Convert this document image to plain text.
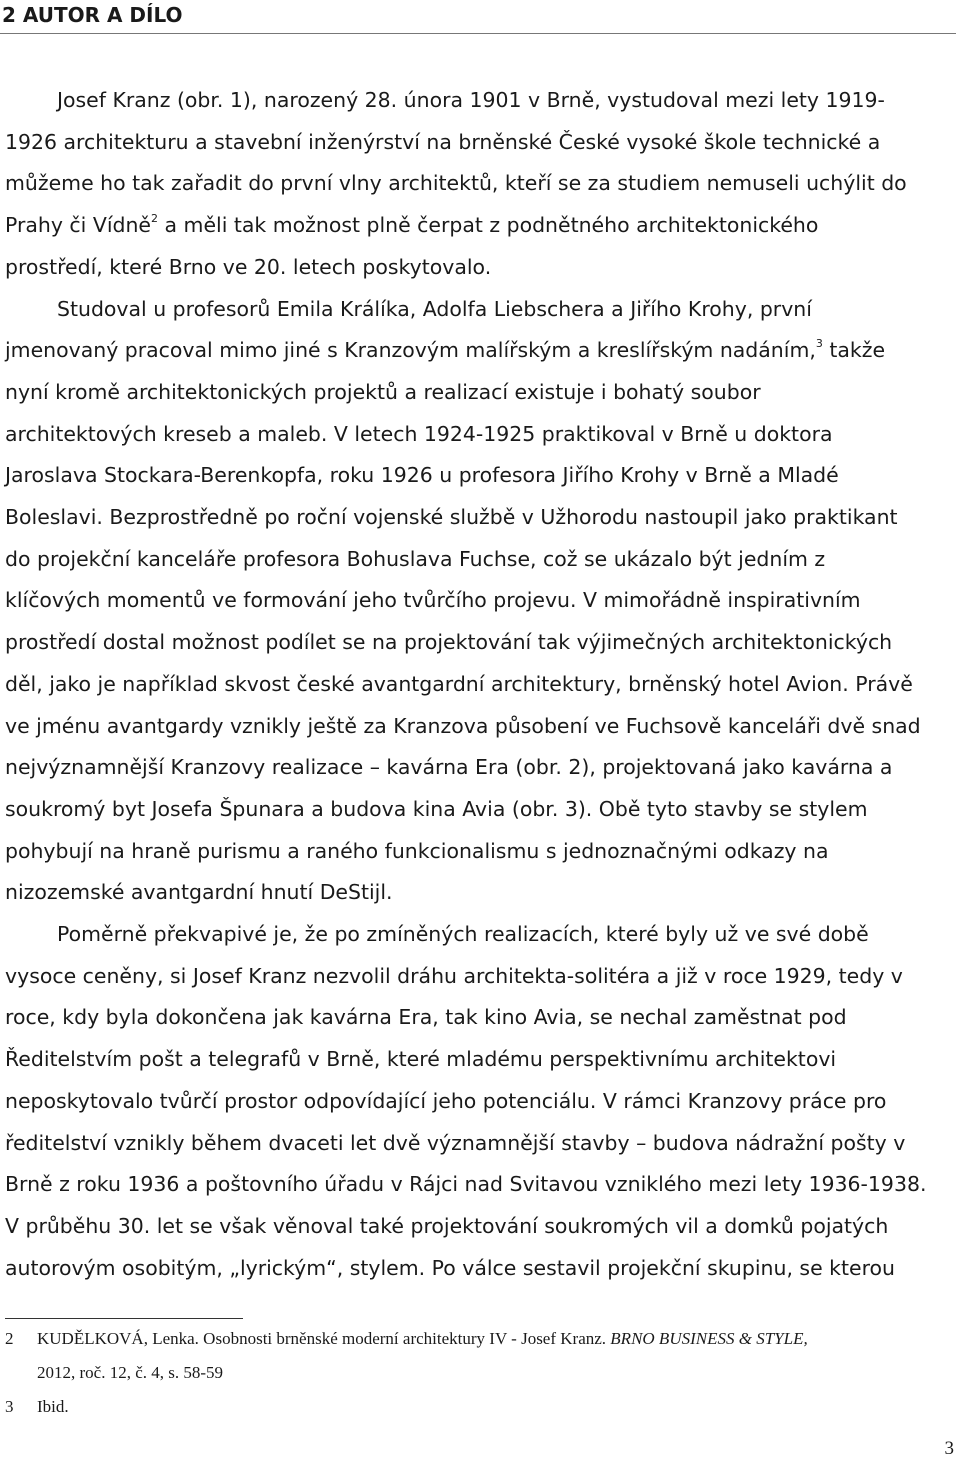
2 AUTOR A DÍLO

Josef Kranz (obr. 1), narozený 28. února 1901 v Brně, vystudoval mezi lety 1919-
1926 architekturu a stavební inženýrství na brněnské České vysoké škole technické a
můžeme ho tak zařadit do první vlny architektů, kteří se za studiem nemuseli uchýlit do
Prahy či Vídně$^2$ a měli tak možnost plně čerpat z podnětného architektonického
prostředí, které Brno ve 20. letech poskytovalo.

Studoval u profesorů Emila Králíka, Adolfa Liebschera a Jiřího Krohy, první
jmenovaný pracoval mimo jiné s Kranzovým malířským a kreslířským nadáním,$^3$ takže
nyní kromě architektonických projektů a realizací existuje i bohatý soubor
architektových kreseb a maleb. V letech 1924-1925 praktikoval v Brně u doktora
Jaroslava Stockara-Berenkopfa, roku 1926 u profesora Jiřího Krohy v Brně a Mladé
Boleslavi. Bezprostředně po roční vojenské službě v Užhorodu nastoupil jako praktikant
do projekční kanceláře profesora Bohuslava Fuchse, což se ukázalo být jedním z
klíčových momentů ve formování jeho tvůrčího projevu. V mimořádně inspirativním
prostředí dostal možnost podílet se na projektování tak výjimečných architektonických
děl, jako je například skvost české avantgardní architektury, brněnský hotel Avion. Právě
ve jménu avantgardy vznikly ještě za Kranzova působení ve Fuchsově kanceláři dvě snad
nejvýznamnější Kranzovy realizace – kavárna Era (obr. 2), projektovaná jako kavárna a
soukromý byt Josefa Špunara a budova kina Avia (obr. 3). Obě tyto stavby se stylem
pohybují na hraně purismu a raného funkcionalismu s jednoznačnými odkazy na
nizozemské avantgardní hnutí DeStijl.

Poměrně překvapivé je, že po zmíněných realizacích, které byly už ve své době
vysoce ceněny, si Josef Kranz nezvolil dráhu architekta-solitéra a již v roce 1929, tedy v
roce, kdy byla dokončena jak kavárna Era, tak kino Avia, se nechal zaměstnat pod
Ředitelstvím pošt a telegrafů v Brně, které mladému perspektivnímu architektovi
neposkytovalo tvůrčí prostor odpovídající jeho potenciálu. V rámci Kranzovy práce pro
ředitelství vznikly během dvaceti let dvě významnější stavby – budova nádražní pošty v
Brně z roku 1936 a poštovního úřadu v Rájci nad Svitavou vzniklého mezi lety 1936-1938.
V průběhu 30. let se však věnoval také projektování soukromých vil a domků pojatých
autorovým osobitým, „lyrickým“, stylem. Po válce sestavil projekční skupinu, se kterou

2	KUDĚLKOVÁ, Lenka. Osobnosti brněnské moderní architektury IV - Josef Kranz. BRNO BUSINESS & STYLE,
2012, roč. 12, č. 4, s. 58-59
3	Ibid.
3
